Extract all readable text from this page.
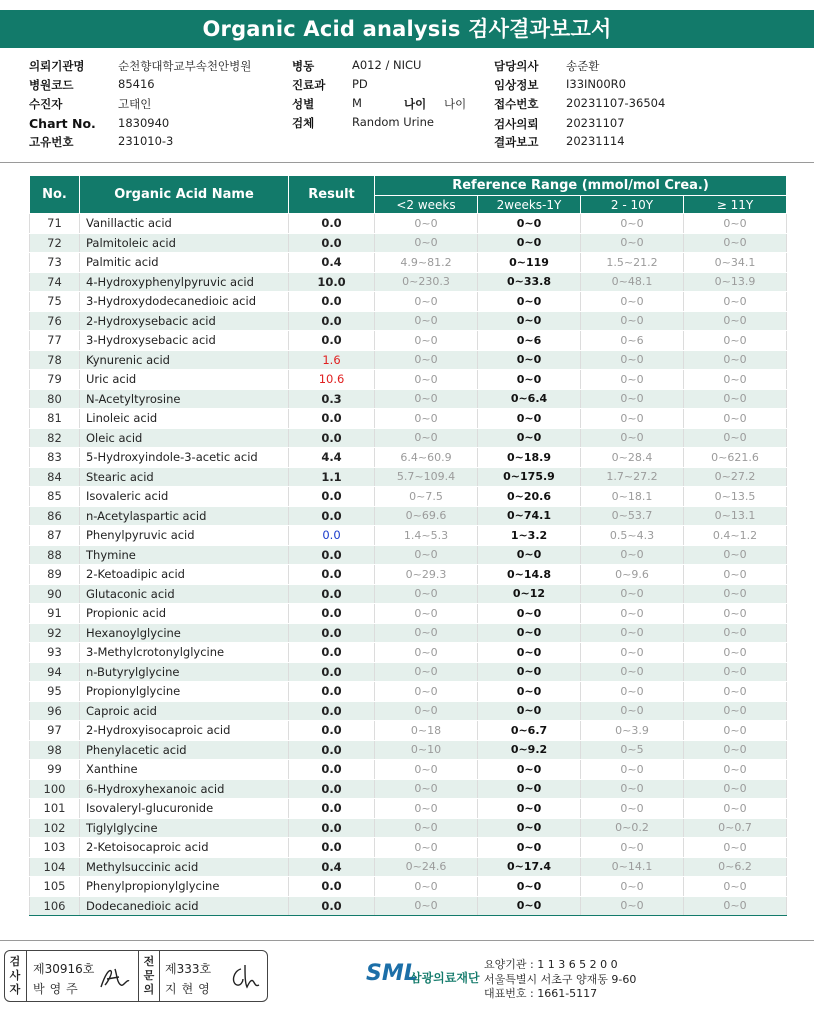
Organic Acid analysis 검사결과보고서
의뢰기관명	순천향대학교부속천안병원
병원코드	85416
수진자	고태인
Chart No. 1830940
고유번호	231010-3
병동	A012 / NICU
진료과 PD
성별	M	나이 나이
검체	Random Urine
담당의사 송준환
임상정보 I33IN00R0
접수번호 20231107-36504
검사의뢰 20231107
결과보고 20231114
No.	Organic Acid Name	Result	Reference Range (mmol/mol Crea.)			
			<2 weeks	2weeks-1Y	2 - 10Y	≥ 11Y
71	Vanillactic acid	0.0	0~0	0~0	0~0	0~0
72	Palmitoleic acid	0.0	0~0	0~0	0~0	0~0
73	Palmitic acid	0.4	4.9~81.2	0~119	1.5~21.2	0~34.1
74	4-Hydroxyphenylpyruvic acid	10.0	0~230.3	0~33.8	0~48.1	0~13.9
75	3-Hydroxydodecanedioic acid	0.0	0~0	0~0	0~0	0~0
76	2-Hydroxysebacic acid	0.0	0~0	0~0	0~0	0~0
77	3-Hydroxysebacic acid	0.0	0~0	0~6	0~6	0~0
78	Kynurenic acid	1.6	0~0	0~0	0~0	0~0
79	Uric acid	10.6	0~0	0~0	0~0	0~0
80	N-Acetyltyrosine	0.3	0~0	0~6.4	0~0	0~0
81	Linoleic acid	0.0	0~0	0~0	0~0	0~0
82	Oleic acid	0.0	0~0	0~0	0~0	0~0
83	5-Hydroxyindole-3-acetic acid	4.4	6.4~60.9	0~18.9	0~28.4	0~621.6
84	Stearic acid	1.1	5.7~109.4	0~175.9	1.7~27.2	0~27.2
85	Isovaleric acid	0.0	0~7.5	0~20.6	0~18.1	0~13.5
86	n-Acetylaspartic acid	0.0	0~69.6	0~74.1	0~53.7	0~13.1
87	Phenylpyruvic acid	0.0	1.4~5.3	1~3.2	0.5~4.3	0.4~1.2
88	Thymine	0.0	0~0	0~0	0~0	0~0
89	2-Ketoadipic acid	0.0	0~29.3	0~14.8	0~9.6	0~0
90	Glutaconic acid	0.0	0~0	0~12	0~0	0~0
91	Propionic acid	0.0	0~0	0~0	0~0	0~0
92	Hexanoylglycine	0.0	0~0	0~0	0~0	0~0
93	3-Methylcrotonylglycine	0.0	0~0	0~0	0~0	0~0
94	n-Butyrylglycine	0.0	0~0	0~0	0~0	0~0
95	Propionylglycine	0.0	0~0	0~0	0~0	0~0
96	Caproic acid	0.0	0~0	0~0	0~0	0~0
97	2-Hydroxyisocaproic acid	0.0	0~18	0~6.7	0~3.9	0~0
98	Phenylacetic acid	0.0	0~10	0~9.2	0~5	0~0
99	Xanthine	0.0	0~0	0~0	0~0	0~0
100	6-Hydroxyhexanoic acid	0.0	0~0	0~0	0~0	0~0
101	Isovaleryl-glucuronide	0.0	0~0	0~0	0~0	0~0
102	Tiglylglycine	0.0	0~0	0~0	0~0.2	0~0.7
103	2-Ketoisocaproic acid	0.0	0~0	0~0	0~0	0~0
104	Methylsuccinic acid	0.4	0~24.6	0~17.4	0~14.1	0~6.2
105	Phenylpropionylglycine	0.0	0~0	0~0	0~0	0~0
106	Dodecanedioic acid	0.0	0~0	0~0	0~0	0~0
검사자
제30916호
박영주
전문의
제333호
지현영
SML
삼광의료재단
요양기관 : 1 1 3 6 5 2 0 0
서울특별시 서초구 양재동 9-60
대표번호 : 1661-5117
